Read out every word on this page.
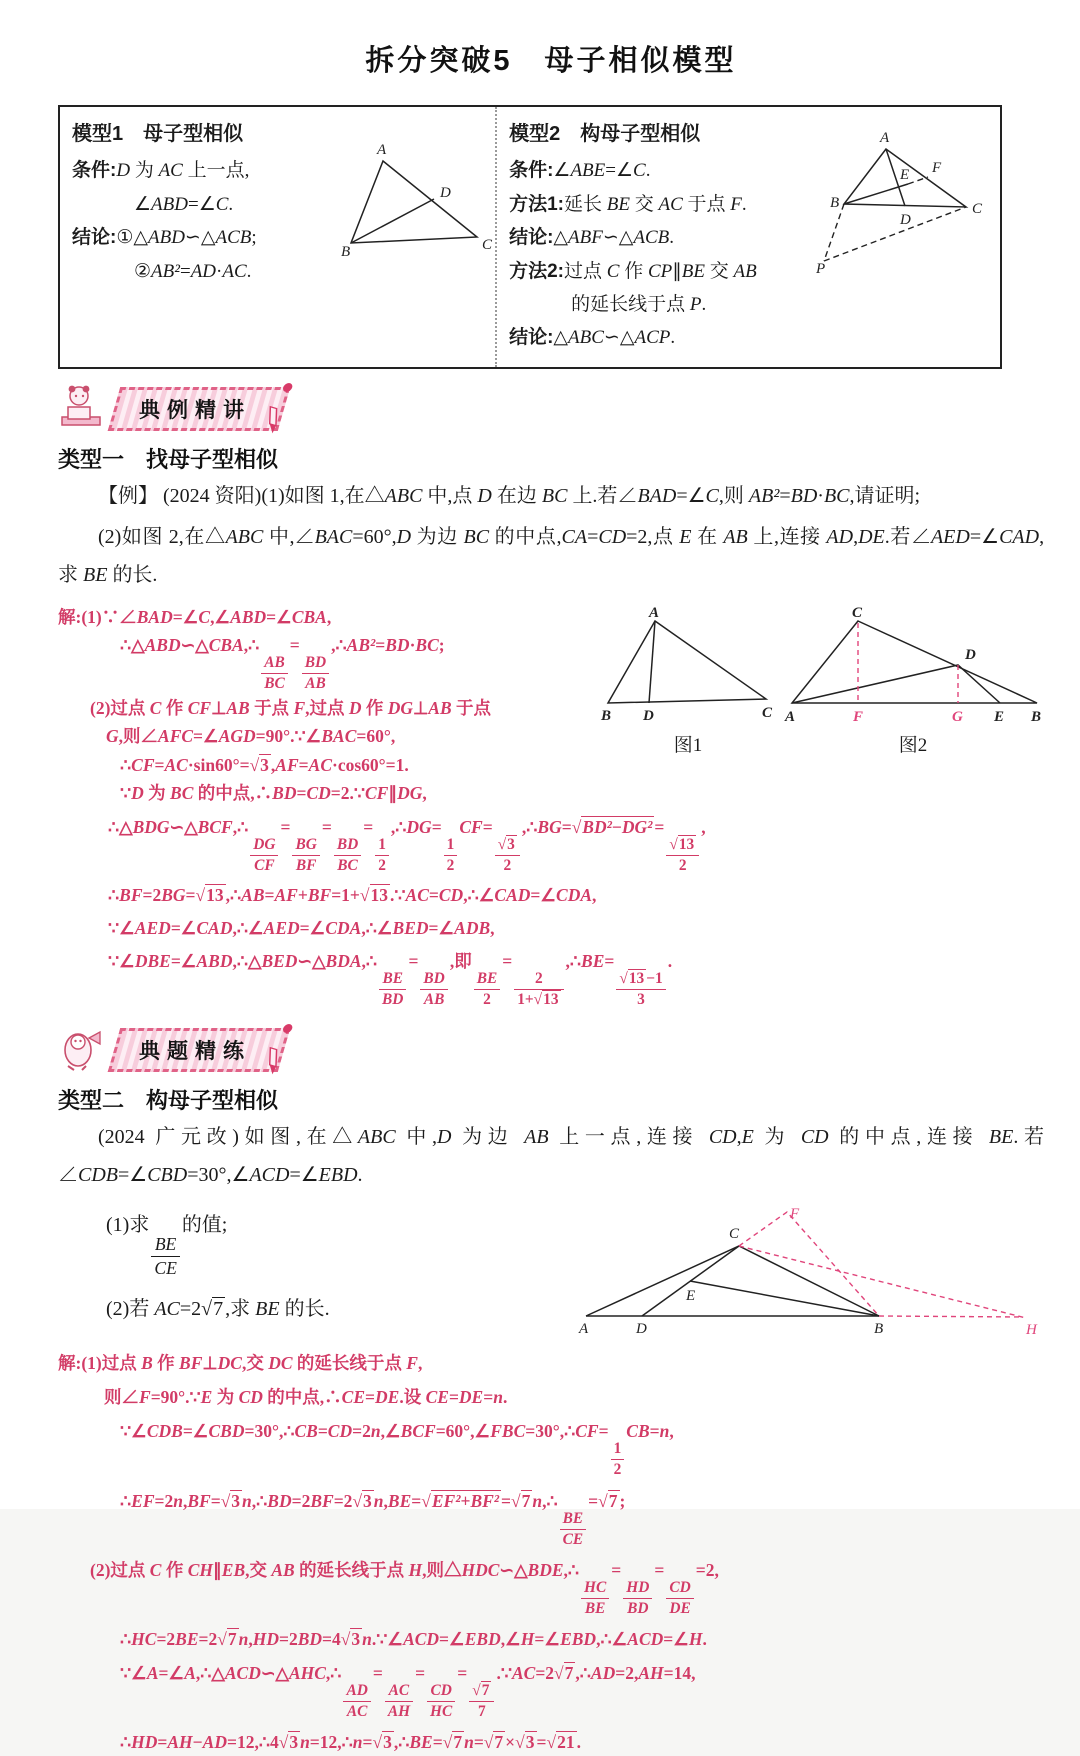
拆分突破5　母子相似模型
模型1　母子型相似
条件:D 为 AC 上一点,
∠ABD=∠C.
结论:①△ABD∽△ACB;
②AB²=AD·AC.
A
D
B	C
模型2　构母子型相似
条件:∠ABE=∠C.
方法1:延长 BE 交 AC 于点 F.
结论:△ABF∽△ACB.
方法2:过点 C 作 CP∥BE 交 AB
的延长线于点 P.
结论:△ABC∽△ACP.
A
E F
B	C
D
P
典例精讲
类型一　找母子型相似

【例】 (2024 资阳)(1)如图 1,在△ABC 中,点 D 在边 BC 上.若∠BAD=∠C,则 AB²=BD·BC,请证明;

(2)如图 2,在△ABC 中,∠BAC=60°,D 为边 BC 的中点,CA=CD=2,点 E 在 AB 上,连接 AD,DE.若∠AED=∠CAD,求 BE 的长.

解:(1)∵∠BAD=∠C,∠ABD=∠CBA,
∴△ABD∽△CBA,∴
$\frac{AB}{BC}$
=
$\frac{BD}{AB}$
,∴AB²=BD·BC;
(2)过点 C 作 CF⊥AB 于点 F,过点 D 作 DG⊥AB 于点
G,则∠AFC=∠AGD=90°.∵∠BAC=60°,
∴CF=AC·sin60°=√3 ,AF=AC·cos60°=1.
∵D 为 BC 的中点,∴BD=CD=2.∵CF∥DG,
A
B D	C
图1
C
D
A	F	G E B
图2
∴△BDG∽△BCF,∴
$\frac{DG}{CF}$
=
$\frac{BG}{BF}$
=
$\frac{BD}{BC}$
=
$\frac{1}{2}$
,∴DG=
$\frac{1}{2}$
CF=
$\frac{√3}{2}$
,∴BG=√BD²−DG² =
$\frac{√13}{2}$
,
∴BF=2BG=√13 ,∴AB=AF+BF=1+√13 .∵AC=CD,∴∠CAD=∠CDA,
∵∠AED=∠CAD,∴∠AED=∠CDA,∴∠BED=∠ADB,
∵∠DBE=∠ABD,∴△BED∽△BDA,∴
$\frac{BE}{BD}$
=
$\frac{BD}{AB}$
,即
$\frac{BE}{2}$
=
$\frac{2}{1+√13}$
,∴BE=
$\frac{√13 -1}{3}$
.
典题精练
类型二　构母子型相似

(2024 广元改)如图,在△ABC 中,D 为边 AB 上一点,连接 CD,E 为 CD 的中点,连接 BE.若∠CDB=∠CBD=30°,∠ACD=∠EBD.

(1)求
$\frac{BE}{CE}$
的值;
(2)若 AC=2√7 ,求 BE 的长.
F
C
E
A	D	B	H
解:(1)过点 B 作 BF⊥DC,交 DC 的延长线于点 F,
则∠F=90°.∵E 为 CD 的中点,∴CE=DE.设 CE=DE=n.
∵∠CDB=∠CBD=30°,∴CB=CD=2n,∠BCF=60°,∠FBC=30°,∴CF=
$\frac{1}{2}$
CB=n,
∴EF=2n,BF=√3 n,∴BD=2BF=2√3 n,BE=√EF²+BF² =√7 n,∴
$\frac{BE}{CE}$
=√7 ;
(2)过点 C 作 CH∥EB,交 AB 的延长线于点 H,则△HDC∽△BDE,∴
$\frac{HC}{BE}$
=
$\frac{HD}{BD}$
=
$\frac{CD}{DE}$
=2,
∴HC=2BE=2√7 n,HD=2BD=4√3 n.∵∠ACD=∠EBD,∠H=∠EBD,∴∠ACD=∠H.
∵∠A=∠A,∴△ACD∽△AHC,∴
$\frac{AD}{AC}$
=
$\frac{AC}{AH}$
=
$\frac{CD}{HC}$
=
$\frac{√7}{7}$
.∵AC=2√7 ,∴AD=2,AH=14,
∴HD=AH−AD=12,∴4√3 n=12,∴n=√3 ,∴BE=√7 n=√7 ×√3 =√21 .
